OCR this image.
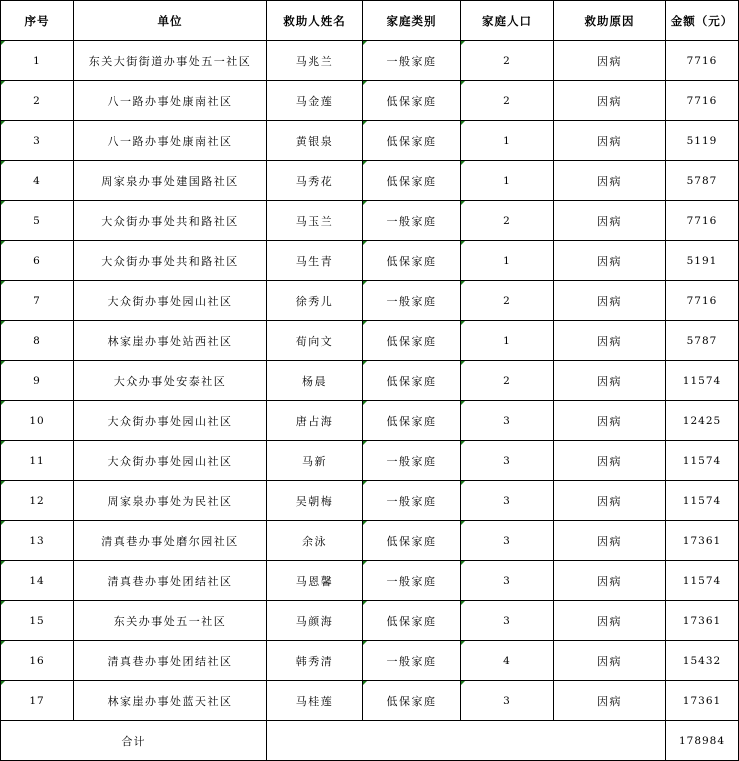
序号	单位	救助人姓名	家庭类别	家庭人口	救助原因	金额（元）
1	东关大街街道办事处五一社区	马兆兰	一般家庭	2	因病	7716
2	八一路办事处康南社区	马金莲	低保家庭	2	因病	7716
3	八一路办事处康南社区	黄银泉	低保家庭	1	因病	5119
4	周家泉办事处建国路社区	马秀花	低保家庭	1	因病	5787
5	大众街办事处共和路社区	马玉兰	一般家庭	2	因病	7716
6	大众街办事处共和路社区	马生青	低保家庭	1	因病	5191
7	大众街办事处园山社区	徐秀儿	一般家庭	2	因病	7716
8	林家崖办事处站西社区	荀向文	低保家庭	1	因病	5787
9	大众办事处安泰社区	杨晨	低保家庭	2	因病	11574
10	大众街办事处园山社区	唐占海	低保家庭	3	因病	12425
11	大众街办事处园山社区	马新	一般家庭	3	因病	11574
12	周家泉办事处为民社区	吴朝梅	一般家庭	3	因病	11574
13	清真巷办事处磨尔园社区	余泳	低保家庭	3	因病	17361
14	清真巷办事处团结社区	马恩馨	一般家庭	3	因病	11574
15	东关办事处五一社区	马颜海	低保家庭	3	因病	17361
16	清真巷办事处团结社区	韩秀清	一般家庭	4	因病	15432
17	林家崖办事处蓝天社区	马桂莲	低保家庭	3	因病	17361
合计						178984
